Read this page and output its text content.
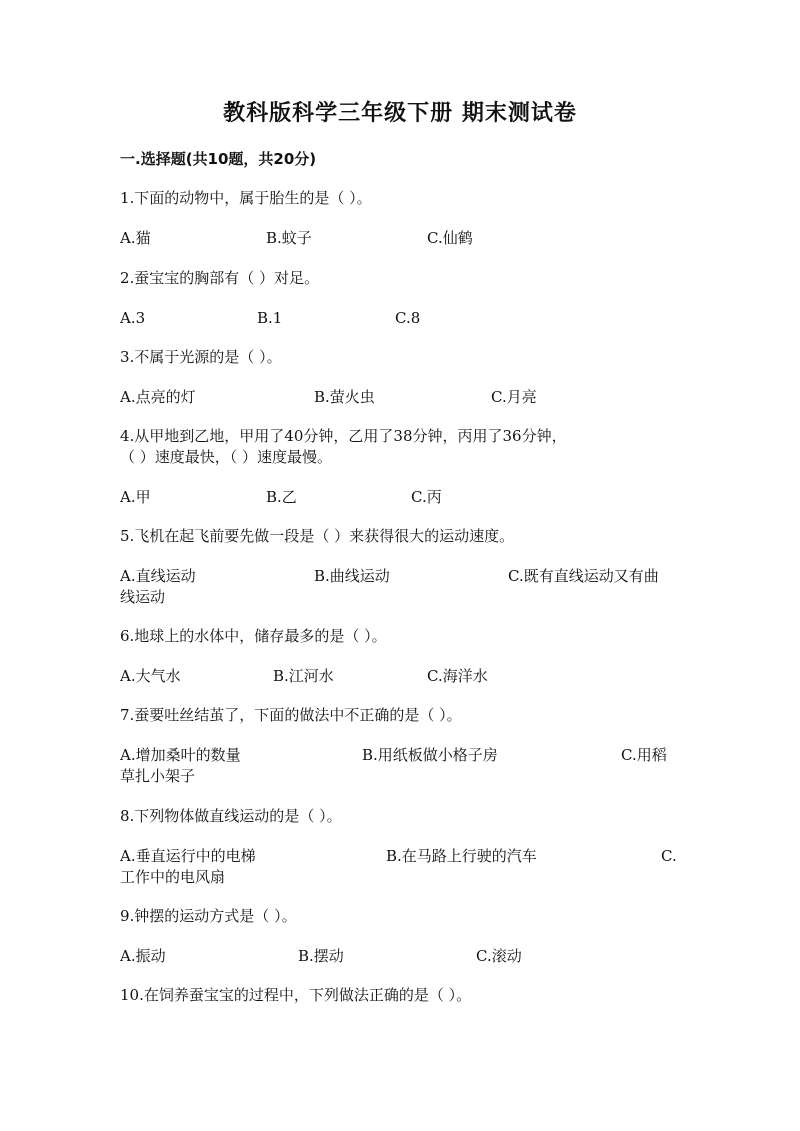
教科版科学三年级下册 期末测试卷
一.选择题(共10题，共20分)
1.下面的动物中，属于胎生的是（ ）。
A.猫	B.蚊子	C.仙鹤
2.蚕宝宝的胸部有（ ）对足。
A.3	B.1	C.8
3.不属于光源的是（ ）。
A.点亮的灯	B.萤火虫	C.月亮
4.从甲地到乙地，甲用了40分钟，乙用了38分钟，丙用了36分钟，
（ ）速度最快，（ ）速度最慢。
A.甲	B.乙	C.丙
5.飞机在起飞前要先做一段是（ ）来获得很大的运动速度。
A.直线运动	B.曲线运动	C.既有直线运动又有曲
线运动
6.地球上的水体中，储存最多的是（ ）。
A.大气水	B.江河水	C.海洋水
7.蚕要吐丝结茧了，下面的做法中不正确的是（ ）。
A.增加桑叶的数量	B.用纸板做小格子房	C.用稻
草扎小架子
8.下列物体做直线运动的是（ ）。
A.垂直运行中的电梯	B.在马路上行驶的汽车	C.
工作中的电风扇
9.钟摆的运动方式是（ ）。
A.振动	B.摆动	C.滚动
10.在饲养蚕宝宝的过程中，下列做法正确的是（ ）。
